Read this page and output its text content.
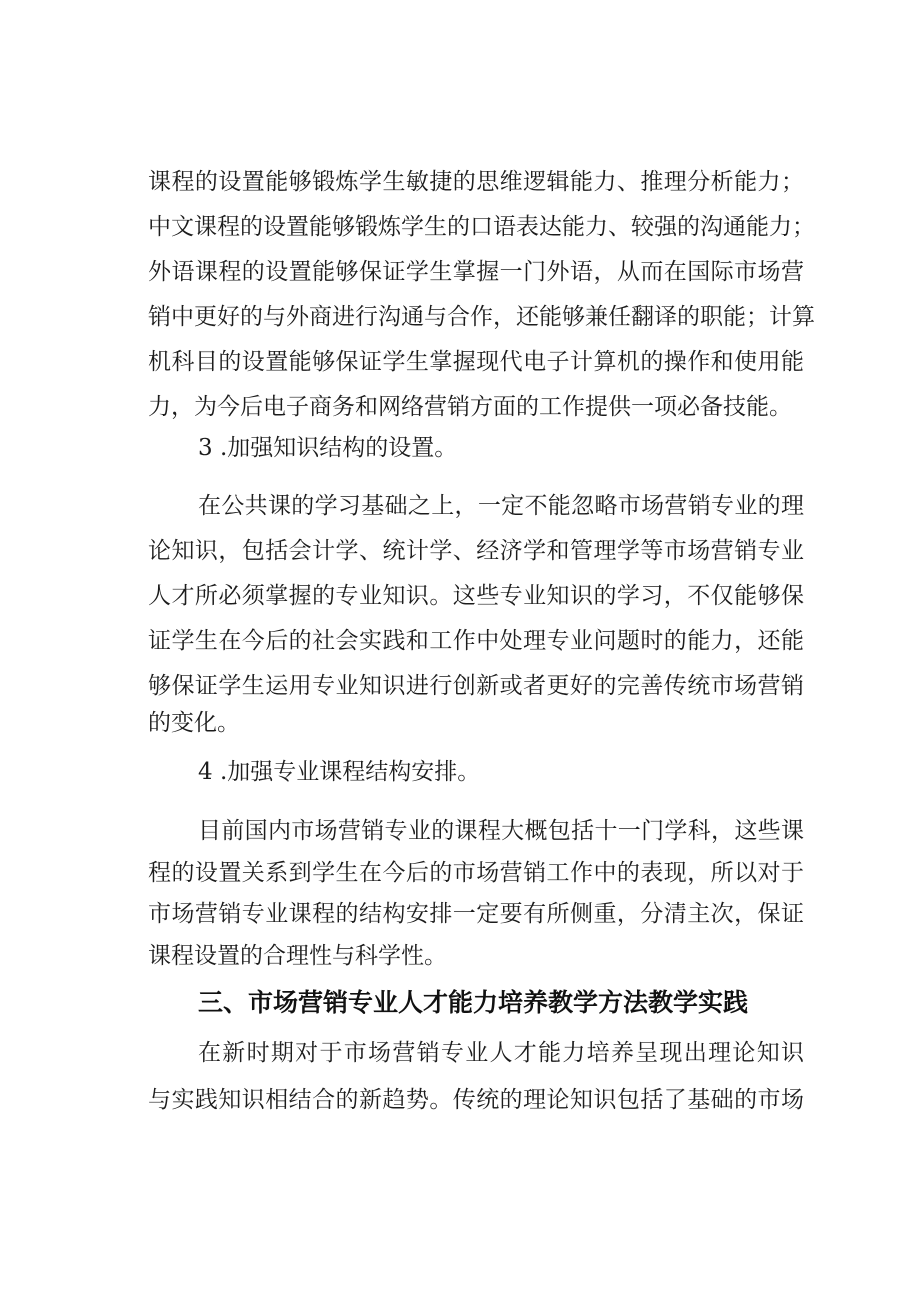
课程的设置能够锻炼学生敏捷的思维逻辑能力、推理分析能力；
中文课程的设置能够锻炼学生的口语表达能力、较强的沟通能力；
外语课程的设置能够保证学生掌握一门外语，从而在国际市场营
销中更好的与外商进行沟通与合作，还能够兼任翻译的职能；计算
机科目的设置能够保证学生掌握现代电子计算机的操作和使用能
力，为今后电子商务和网络营销方面的工作提供一项必备技能。
3 .加强知识结构的设置。
在公共课的学习基础之上，一定不能忽略市场营销专业的理
论知识，包括会计学、统计学、经济学和管理学等市场营销专业
人才所必须掌握的专业知识。这些专业知识的学习，不仅能够保
证学生在今后的社会实践和工作中处理专业问题时的能力，还能
够保证学生运用专业知识进行创新或者更好的完善传统市场营销
的变化。
4 .加强专业课程结构安排。
目前国内市场营销专业的课程大概包括十一门学科，这些课
程的设置关系到学生在今后的市场营销工作中的表现，所以对于
市场营销专业课程的结构安排一定要有所侧重，分清主次，保证
课程设置的合理性与科学性。
三、市场营销专业人才能力培养教学方法教学实践
在新时期对于市场营销专业人才能力培养呈现出理论知识
与实践知识相结合的新趋势。传统的理论知识包括了基础的市场
